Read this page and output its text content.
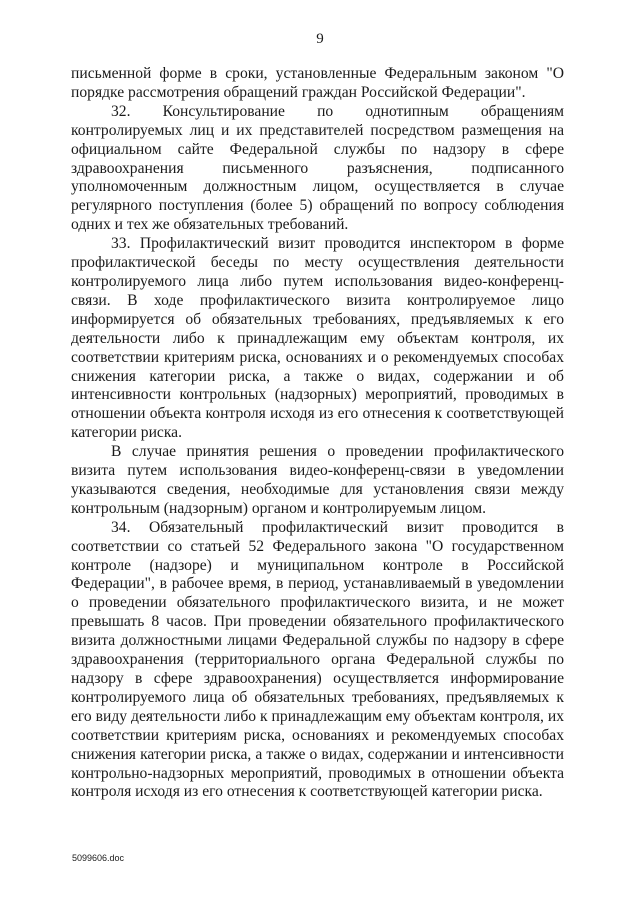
9

письменной форме в сроки, установленные Федеральным законом "О порядке рассмотрения обращений граждан Российской Федерации".

32. Консультирование по однотипным обращениям контролируемых лиц и их представителей посредством размещения на официальном сайте Федеральной службы по надзору в сфере здравоохранения письменного разъяснения, подписанного уполномоченным должностным лицом, осуществляется в случае регулярного поступления (более 5) обращений по вопросу соблюдения одних и тех же обязательных требований.

33. Профилактический визит проводится инспектором в форме профилактической беседы по месту осуществления деятельности контролируемого лица либо путем использования видео-конференц-связи. В ходе профилактического визита контролируемое лицо информируется об обязательных требованиях, предъявляемых к его деятельности либо к принадлежащим ему объектам контроля, их соответствии критериям риска, основаниях и о рекомендуемых способах снижения категории риска, а также о видах, содержании и об интенсивности контрольных (надзорных) мероприятий, проводимых в отношении объекта контроля исходя из его отнесения к соответствующей категории риска.

В случае принятия решения о проведении профилактического визита путем использования видео-конференц-связи в уведомлении указываются сведения, необходимые для установления связи между контрольным (надзорным) органом и контролируемым лицом.

34. Обязательный профилактический визит проводится в соответствии со статьей 52 Федерального закона "О государственном контроле (надзоре) и муниципальном контроле в Российской Федерации", в рабочее время, в период, устанавливаемый в уведомлении о проведении обязательного профилактического визита, и не может превышать 8 часов. При проведении обязательного профилактического визита должностными лицами Федеральной службы по надзору в сфере здравоохранения (территориального органа Федеральной службы по надзору в сфере здравоохранения) осуществляется информирование контролируемого лица об обязательных требованиях, предъявляемых к его виду деятельности либо к принадлежащим ему объектам контроля, их соответствии критериям риска, основаниях и рекомендуемых способах снижения категории риска, а также о видах, содержании и интенсивности контрольно-надзорных мероприятий, проводимых в отношении объекта контроля исходя из его отнесения к соответствующей категории риска.

5099606.doc
